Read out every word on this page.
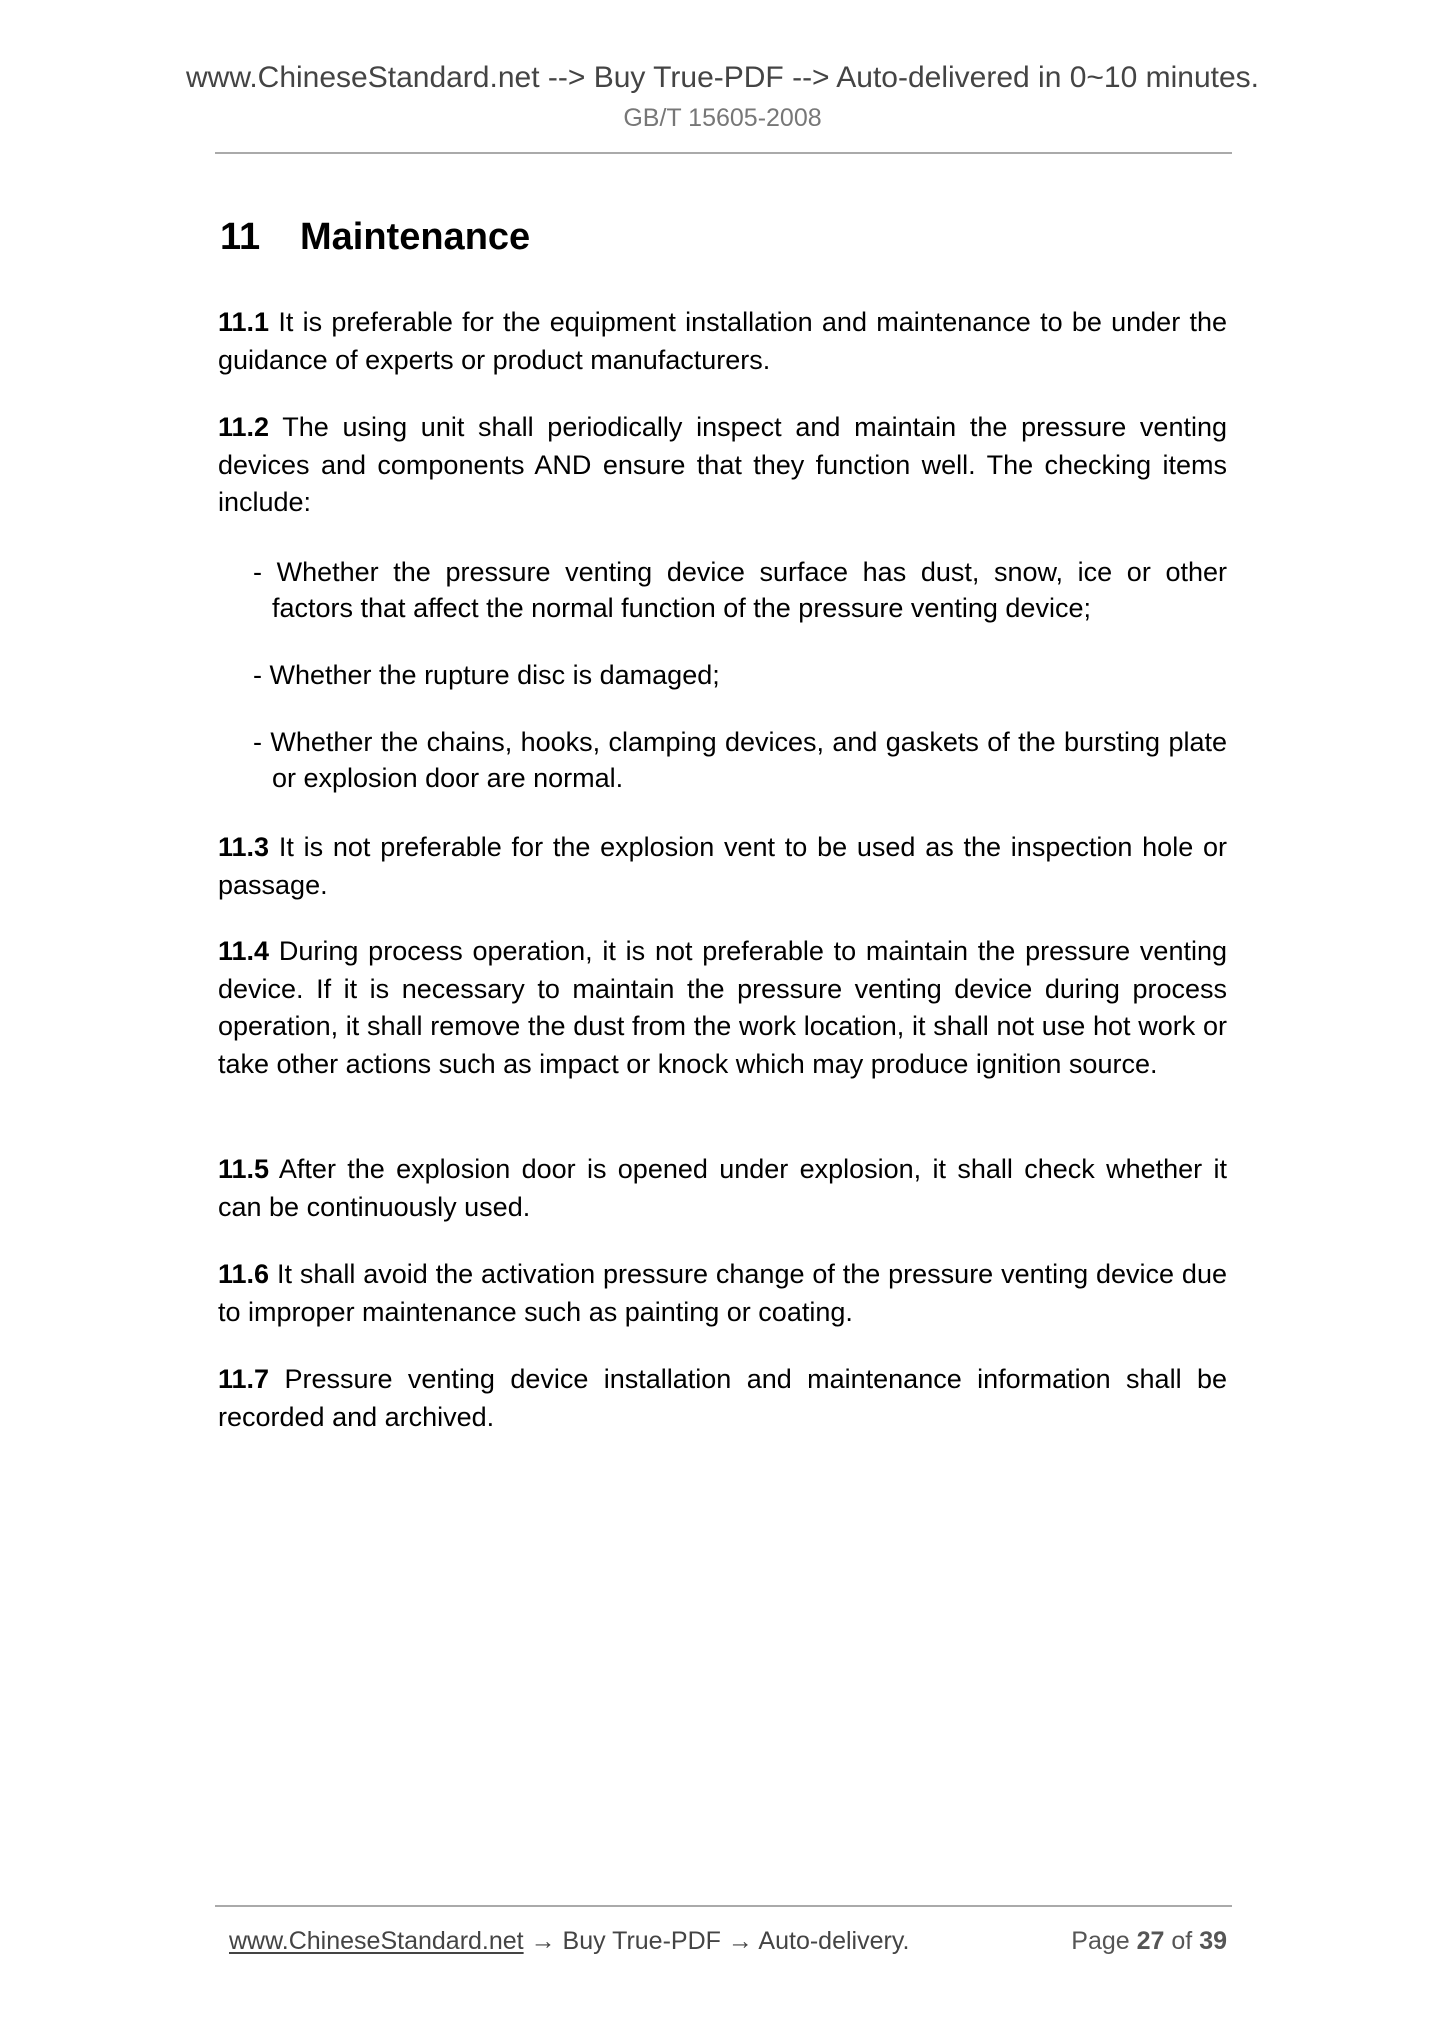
www.ChineseStandard.net --> Buy True-PDF --> Auto-delivered in 0~10 minutes.
GB/T 15605-2008
11 Maintenance

11.1 It is preferable for the equipment installation and maintenance to be under the guidance of experts or product manufacturers.

11.2 The using unit shall periodically inspect and maintain the pressure venting devices and components AND ensure that they function well. The checking items include:

- Whether the pressure venting device surface has dust, snow, ice or other factors that affect the normal function of the pressure venting device;

- Whether the rupture disc is damaged;

- Whether the chains, hooks, clamping devices, and gaskets of the bursting plate or explosion door are normal.

11.3 It is not preferable for the explosion vent to be used as the inspection hole or passage.

11.4 During process operation, it is not preferable to maintain the pressure venting device. If it is necessary to maintain the pressure venting device during process operation, it shall remove the dust from the work location, it shall not use hot work or take other actions such as impact or knock which may produce ignition source.

11.5 After the explosion door is opened under explosion, it shall check whether it can be continuously used.

11.6 It shall avoid the activation pressure change of the pressure venting device due to improper maintenance such as painting or coating.

11.7 Pressure venting device installation and maintenance information shall be recorded and archived.

www.ChineseStandard.net → Buy True-PDF → Auto-delivery.	Page 27 of 39
